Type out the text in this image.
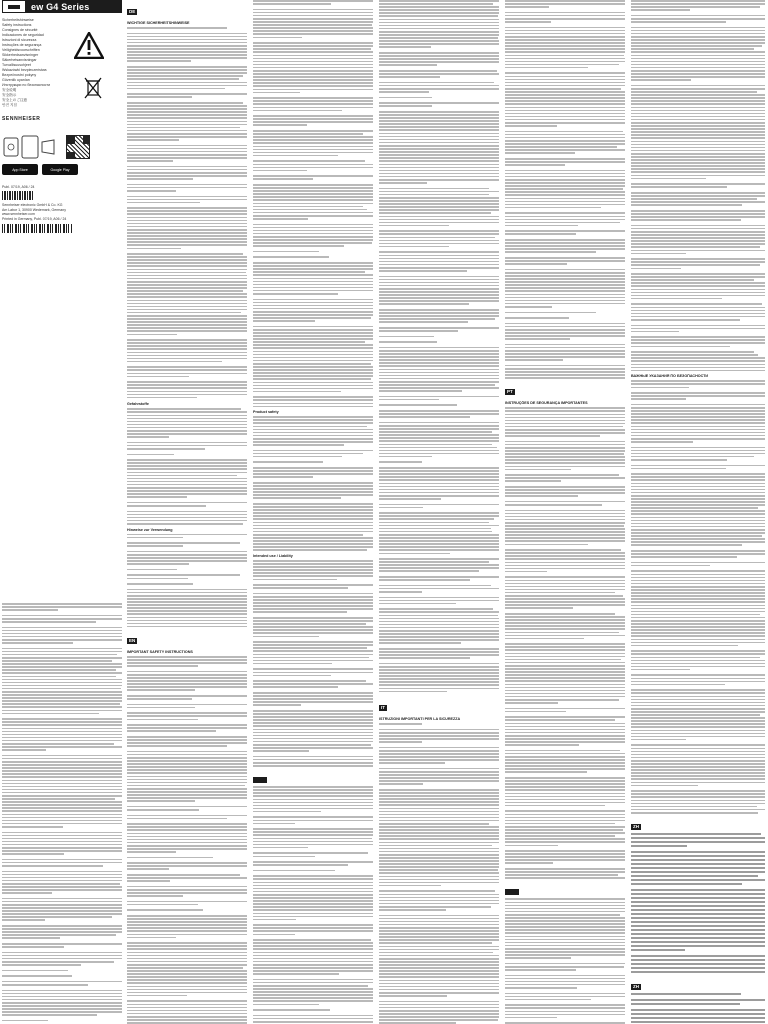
ew G4 Series
Sicherheitshinweise
Safety instructions
Consignes de sécurité
Indicaciones de seguridad
Istruzioni di sicurezza
Instruções de segurança
Veiligheidsvoorschriften
Sikkerhedsanvisninger
Säkerhetsanvisningar
Turvallisuusohjeet
Wskazówki bezpieczeństwa
Bezpečnostní pokyny
Güvenlik uyarıları
Инструкции по безопасности
安全说明
安全指示
安全上のご注意
안전 지침
SENNHEISER
App Store	Google Play
Publ. 07/19, A06 / 24
Sennheiser electronic GmbH & Co. KG
Am Labor 1, 30900 Wedemark, Germany
www.sennheiser.com
Printed in Germany, Publ. 07/19, A06 / 24
DE
WICHTIGE SICHERHEITSHINWEISE
Gefahrstoffe
Hinweise zur Verwendung
EN
IMPORTANT SAFETY INSTRUCTIONS
Product safety
Intended use / Liability

IT
ISTRUZIONI IMPORTANTI PER LA SICUREZZA
PT
INSTRUÇÕES DE SEGURANÇA IMPORTANTES

ВАЖНЫЕ УКАЗАНИЯ ПО БЕЗОПАСНОСТИ
ZH
ZH
